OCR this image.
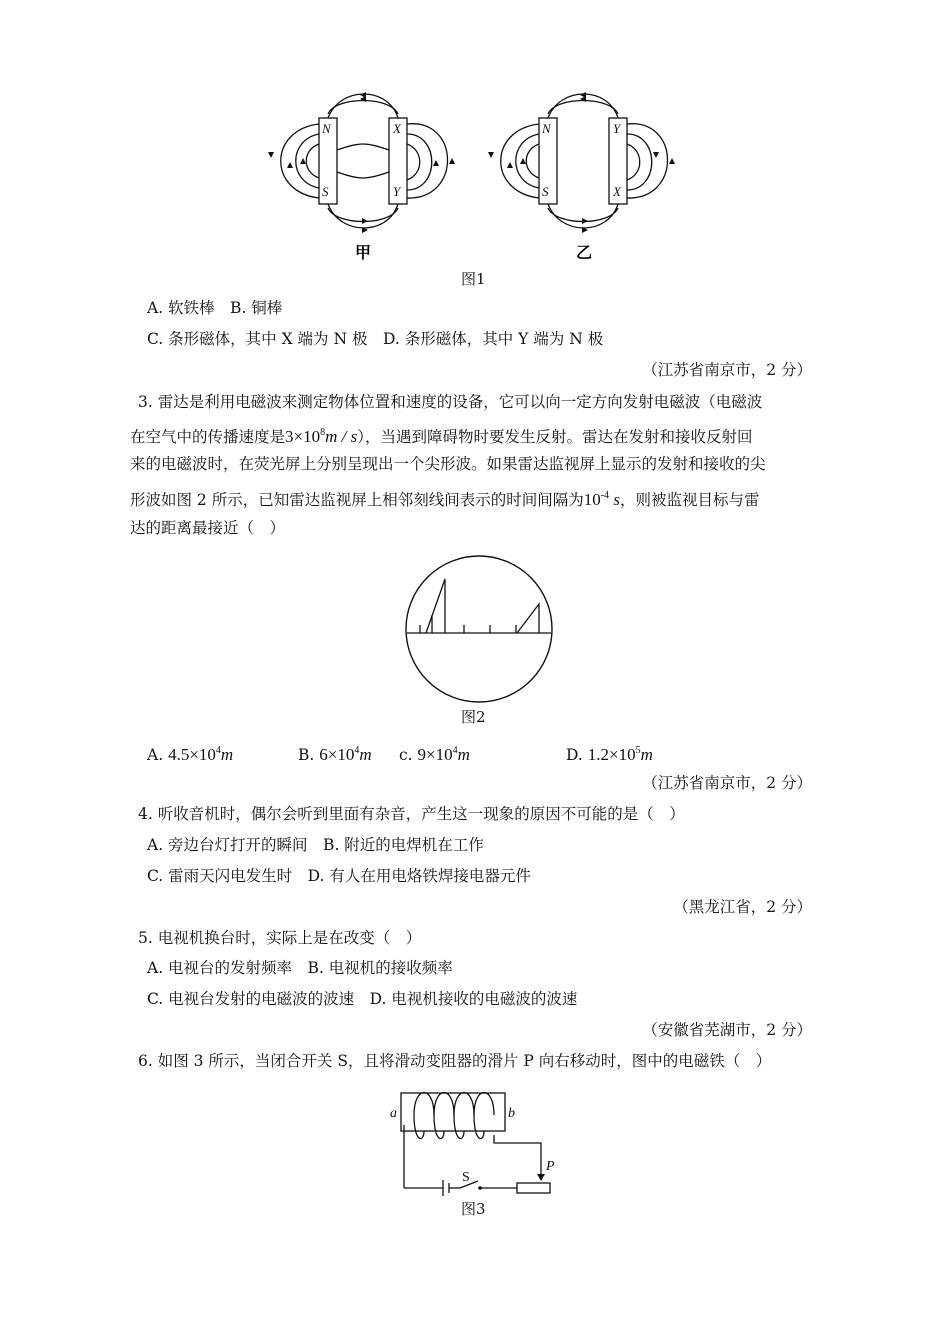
N
S
X
Y
N
S
Y
X
甲	乙
图1
A. 软铁棒　B. 铜棒
C. 条形磁体，其中 X 端为 N 极　D. 条形磁体，其中 Y 端为 N 极
（江苏省南京市，2 分）
3. 雷达是利用电磁波来测定物体位置和速度的设备，它可以向一定方向发射电磁波（电磁波
在空气中的传播速度是$3\times 10^8m / s$），当遇到障碍物时要发生反射。雷达在发射和接收反射回
来的电磁波时，在荧光屏上分别呈现出一个尖形波。如果雷达监视屏上显示的发射和接收的尖
形波如图 2 所示，已知雷达监视屏上相邻刻线间表示的时间间隔为$10^{-4}$ s，则被监视目标与雷
达的距离最接近（　）
图2
A. $4.5\times 10^4m$	B. $6\times 10^4m$ c. $9\times 10^4m$	D. $1.2\times 10^5m$
（江苏省南京市，2 分）
4. 听收音机时，偶尔会听到里面有杂音，产生这一现象的原因不可能的是（　）
A. 旁边台灯打开的瞬间　B. 附近的电焊机在工作
C. 雷雨天闪电发生时　D. 有人在用电烙铁焊接电器元件
（黑龙江省，2 分）
5. 电视机换台时，实际上是在改变（　）
A. 电视台的发射频率　B. 电视机的接收频率
C. 电视台发射的电磁波的波速　D. 电视机接收的电磁波的波速
（安徽省芜湖市，2 分）
6. 如图 3 所示，当闭合开关 S，且将滑动变阻器的滑片 P 向右移动时，图中的电磁铁（　）
a	b
P
S
图3
